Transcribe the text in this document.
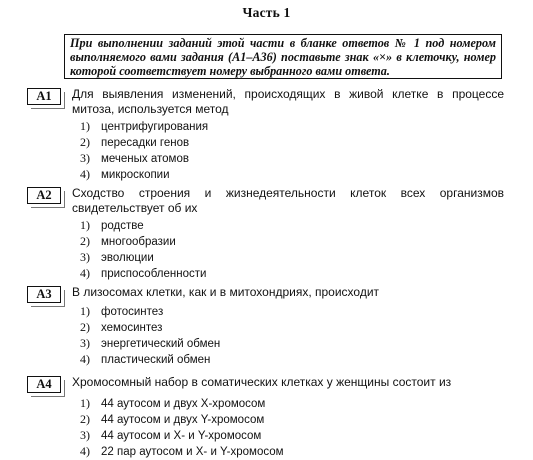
Часть 1
При выполнении заданий этой части в бланке ответов № 1 под номером выполняемого вами задания (А1–А36) поставьте знак «×» в клеточку, номер которой соответствует номеру выбранного вами ответа.
А1	Для выявления изменений, происходящих в живой клетке в процессе митоза, используется метод
1) центрифугирования
2) пересадки генов
3) меченых атомов
4) микроскопии
А2	Сходство строения и жизнедеятельности клеток всех организмов свидетельствует об их
1) родстве
2) многообразии
3) эволюции
4) приспособленности
А3	В лизосомах клетки, как и в митохондриях, происходит
1) фотосинтез
2) хемосинтез
3) энергетический обмен
4) пластический обмен
А4	Хромосомный набор в соматических клетках у женщины состоит из
1) 44 аутосом и двух Х-хромосом
2) 44 аутосом и двух Y-хромосом
3) 44 аутосом и Х- и Y-хромосом
4) 22 пар аутосом и Х- и Y-хромосом
